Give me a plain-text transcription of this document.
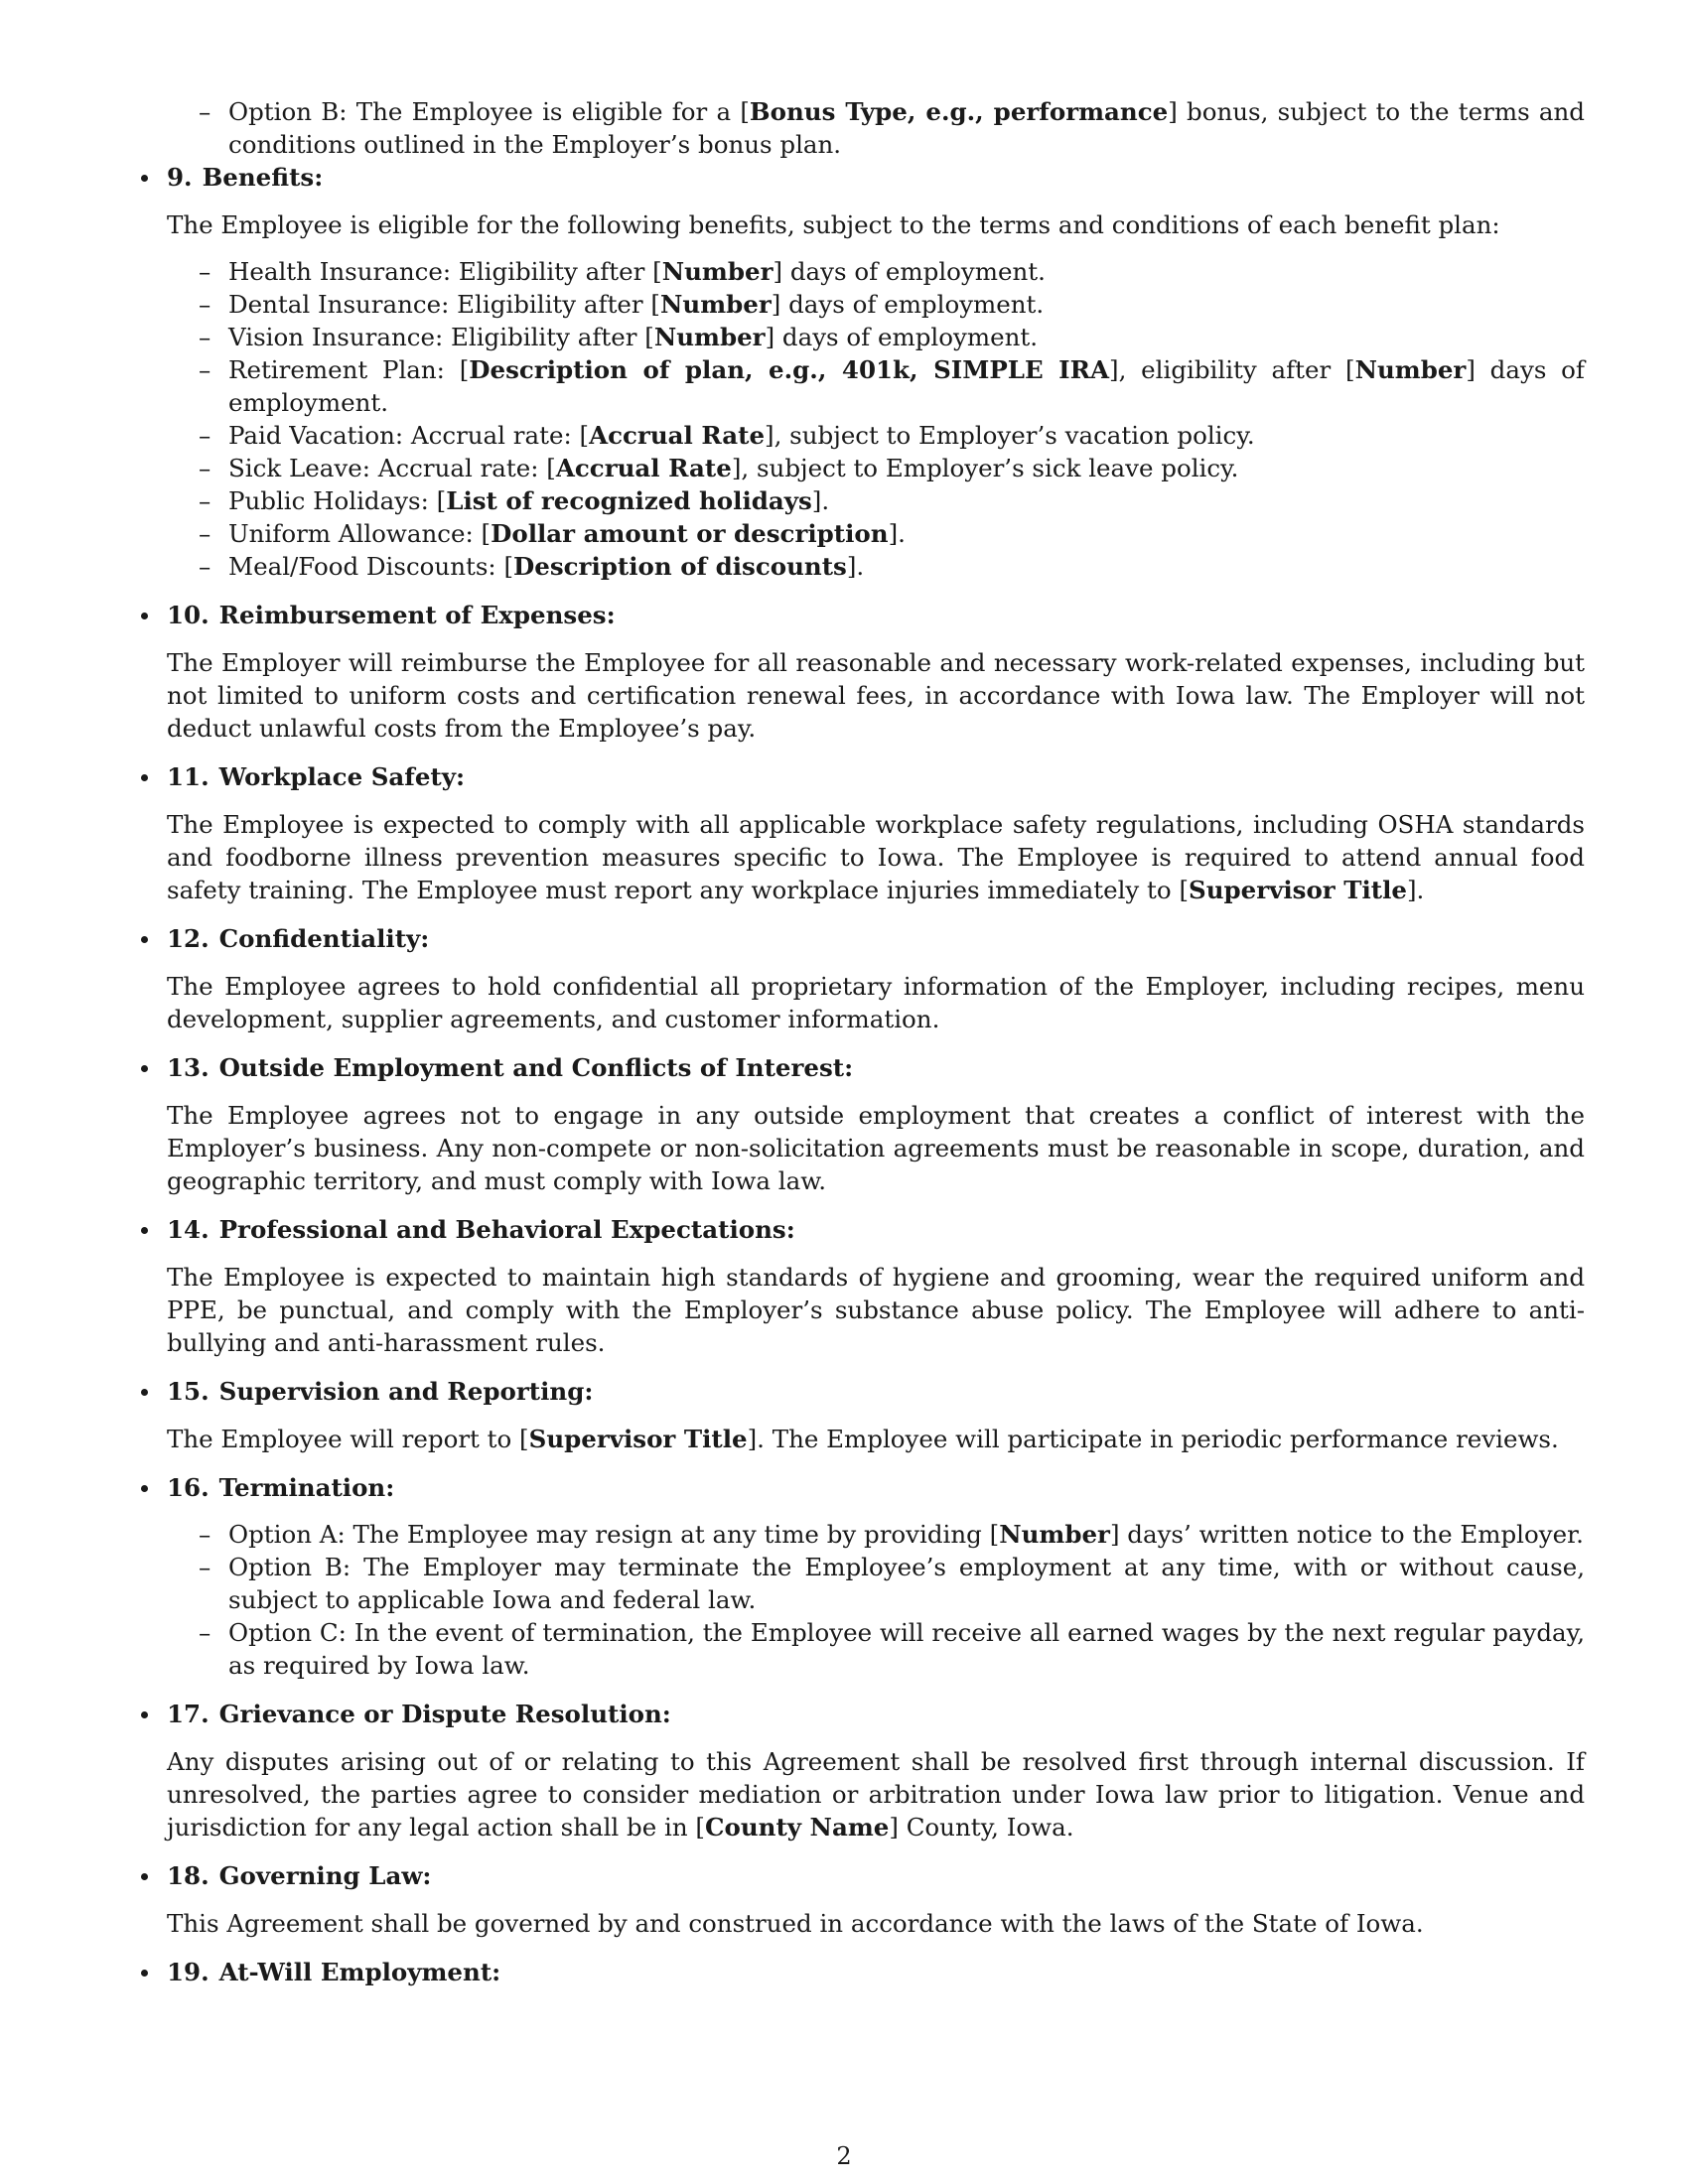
– Option B: The Employee is eligible for a [Bonus Type, e.g., performance] bonus, subject to the terms and conditions outlined in the Employer’s bonus plan.
9. Benefits:

The Employee is eligible for the following benefits, subject to the terms and conditions of each benefit plan:

– Health Insurance: Eligibility after [Number] days of employment.
– Dental Insurance: Eligibility after [Number] days of employment.
– Vision Insurance: Eligibility after [Number] days of employment.
– Retirement Plan: [Description of plan, e.g., 401k, SIMPLE IRA], eligibility after [Number] days of employment.
– Paid Vacation: Accrual rate: [Accrual Rate], subject to Employer’s vacation policy.
– Sick Leave: Accrual rate: [Accrual Rate], subject to Employer’s sick leave policy.
– Public Holidays: [List of recognized holidays].
– Uniform Allowance: [Dollar amount or description].
– Meal/Food Discounts: [Description of discounts].
10. Reimbursement of Expenses:

The Employer will reimburse the Employee for all reasonable and necessary work-related expenses, including but not limited to uniform costs and certification renewal fees, in accordance with Iowa law. The Employer will not deduct unlawful costs from the Employee’s pay.

11. Workplace Safety:

The Employee is expected to comply with all applicable workplace safety regulations, including OSHA standards and foodborne illness prevention measures specific to Iowa. The Employee is required to attend annual food safety training. The Employee must report any workplace injuries immediately to [Supervisor Title].

12. Confidentiality:

The Employee agrees to hold confidential all proprietary information of the Employer, including recipes, menu development, supplier agreements, and customer information.

13. Outside Employment and Conflicts of Interest:

The Employee agrees not to engage in any outside employment that creates a conflict of interest with the Employer’s business. Any non-compete or non-solicitation agreements must be reasonable in scope, duration, and geographic territory, and must comply with Iowa law.

14. Professional and Behavioral Expectations:

The Employee is expected to maintain high standards of hygiene and grooming, wear the required uniform and PPE, be punctual, and comply with the Employer’s substance abuse policy. The Employee will adhere to anti-bullying and anti-harassment rules.

15. Supervision and Reporting:

The Employee will report to [Supervisor Title]. The Employee will participate in periodic performance reviews.

16. Termination:
– Option A: The Employee may resign at any time by providing [Number] days’ written notice to the Employer.
– Option B: The Employer may terminate the Employee’s employment at any time, with or without cause, subject to applicable Iowa and federal law.
– Option C: In the event of termination, the Employee will receive all earned wages by the next regular payday, as required by Iowa law.
17. Grievance or Dispute Resolution:

Any disputes arising out of or relating to this Agreement shall be resolved first through internal discussion. If unresolved, the parties agree to consider mediation or arbitration under Iowa law prior to litigation. Venue and jurisdiction for any legal action shall be in [County Name] County, Iowa.

18. Governing Law:

This Agreement shall be governed by and construed in accordance with the laws of the State of Iowa.

19. At-Will Employment:
2
